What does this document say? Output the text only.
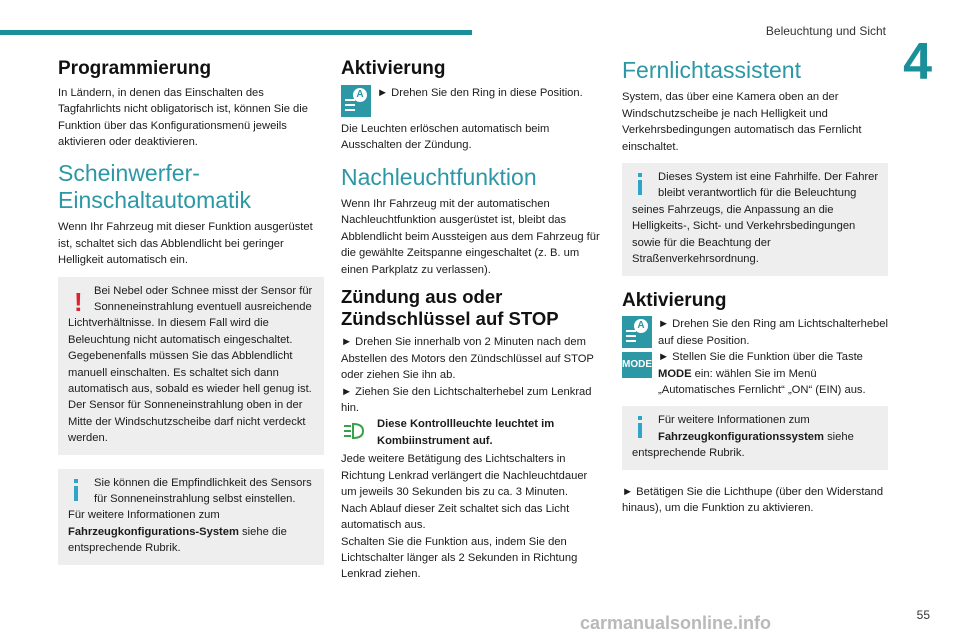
Beleuchtung und Sicht
4
Programmierung

In Ländern, in denen das Einschalten des Tagfahrlichts nicht obligatorisch ist, können Sie die Funktion über das Konfigurationsmenü jeweils aktivieren oder deaktivieren.

Scheinwerfer-
Einschaltautomatik

Wenn Ihr Fahrzeug mit dieser Funktion ausgerüstet ist, schaltet sich das Abblendlicht bei geringer Helligkeit automatisch ein.

! Bei Nebel oder Schnee misst der Sensor für Sonneneinstrahlung eventuell ausreichende Lichtverhältnisse. In diesem Fall wird die Beleuchtung nicht automatisch eingeschaltet. Gegebenenfalls müssen Sie das Abblendlicht manuell einschalten. Es schaltet sich dann automatisch aus, sobald es wieder hell genug ist. Der Sensor für Sonneneinstrahlung oben in der Mitte der Windschutzscheibe darf nicht verdeckt werden.
Sie können die Empfindlichkeit des Sensors für Sonneneinstrahlung selbst einstellen.
Für weitere Informationen zum
Fahrzeugkonfigurations-System siehe die entsprechende Rubrik.
Aktivierung
A	► Drehen Sie den Ring in diese Position.

Die Leuchten erlöschen automatisch beim Ausschalten der Zündung.

Nachleuchtfunktion

Wenn Ihr Fahrzeug mit der automatischen Nachleuchtfunktion ausgerüstet ist, bleibt das Abblendlicht beim Aussteigen aus dem Fahrzeug für die gewählte Zeitspanne eingeschaltet (z. B. um einen Parkplatz zu verlassen).

Zündung aus oder
Zündschlüssel auf STOP

► Drehen Sie innerhalb von 2 Minuten nach dem Abstellen des Motors den Zündschlüssel auf STOP oder ziehen Sie ihn ab.

► Ziehen Sie den Lichtschalterhebel zum Lenkrad hin.

Diese Kontrollleuchte leuchtet im Kombiinstrument auf.

Jede weitere Betätigung des Lichtschalters in Richtung Lenkrad verlängert die Nachleuchtdauer um jeweils 30 Sekunden bis zu ca. 3 Minuten.

Nach Ablauf dieser Zeit schaltet sich das Licht automatisch aus.

Schalten Sie die Funktion aus, indem Sie den Lichtschalter länger als 2 Sekunden in Richtung Lenkrad ziehen.

Fernlichtassistent

System, das über eine Kamera oben an der Windschutzscheibe je nach Helligkeit und Verkehrsbedingungen automatisch das Fernlicht einschaltet.

Dieses System ist eine Fahrhilfe. Der Fahrer bleibt verantwortlich für die Beleuchtung seines Fahrzeugs, die Anpassung an die Helligkeits-, Sicht- und Verkehrsbedingungen sowie für die Beachtung der Straßenverkehrsordnung.
Aktivierung
A
MODE

► Drehen Sie den Ring am Lichtschalterhebel auf diese Position.

► Stellen Sie die Funktion über die Taste MODE ein: wählen Sie im Menü „Automatisches Fernlicht“ „ON“ (EIN) aus.

Für weitere Informationen zum Fahrzeugkonfigurationssystem siehe entsprechende Rubrik.

► Betätigen Sie die Lichthupe (über den Widerstand hinaus), um die Funktion zu aktivieren.

carmanualsonline.info	55
